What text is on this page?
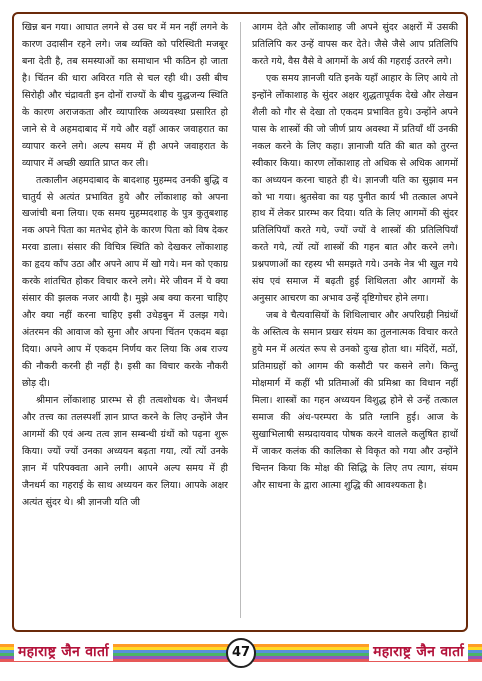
खिन्न बन गया। आघात लगने से उस घर में मन नहीं लगने के कारण उदासीन रहने लगे। जब व्यक्ति को परिस्थिती मजबूर बना देती है, तब समस्याओं का समाधान भी कठिन हो जाता है। चिंतन की धारा अविरत गति से चल रही थी। उसी बीच सिरोही और चंद्रावती इन दोनों राज्यों के बीच युद्धजन्य स्थिति के कारण अराजकता और व्यापारिक अव्यवस्था प्रसारित हो जाने से वे अहमदाबाद में गये और वहाँ आकर जवाहरात का व्यापार करने लगे। अल्प समय में ही अपने जवाहरात के व्यापार में अच्छी ख्याति प्राप्त कर ली।

तत्कालीन अहमदाबाद के बादशाह मुहम्मद उनकी बुद्धि व चातुर्य से अत्यंत प्रभावित हुये और लोंकाशाह को अपना खजांची बना लिया। एक समय मुहम्मदशाह के पुत्र कुतुबशाह नक अपने पिता का मतभेद होने के कारण पिता को विष देकर मरवा डाला। संसार की विचित्र स्थिति को देखकर लोंकाशाह का हृदय काँप उठा और अपने आप में खो गये। मन को एकाग्र करके शांतचित होकर विचार करने लगे। मेरे जीवन में ये क्या संसार की झलक नजर आयी है। मुझे अब क्या करना चाहिए और क्या नहीं करना चाहिए इसी उधेड़बुन में उलझ गये। अंतरमन की आवाज को सुना और अपना चिंतन एकदम बढ़ा दिया। अपने आप में एकदम निर्णय कर लिया कि अब राज्य की नौकरी करनी ही नहीं है। इसी का विचार करके नौकरी छोड़ दी।

श्रीमान लोंकाशाह प्रारम्भ से ही तत्वशोधक थे। जैनधर्म और तत्त्व का तलस्पर्शी ज्ञान प्राप्त करने के लिए उन्होंने जैन आगमों की एवं अन्य तत्व ज्ञान सम्बन्धी ग्रंथों को पढ़ना शुरू किया। ज्यों ज्यों उनका अध्ययन बढ़ता गया, त्यों त्यों उनके ज्ञान में परिपक्वता आने लगी। आपने अल्प समय में ही जैनधर्म का गहराई के साथ अध्ययन कर लिया। आपके अक्षर अत्यंत सुंदर थे। श्री ज्ञानजी यति जी

आगम देते और लोंकाशाह जी अपने सुंदर अक्षरों में उसकी प्रतिलिपि कर उन्हें वापस कर देते। जैसे जैसे आप प्रतिलिपि करते गये, वैस वैसे वे आगमों के अर्थ की गहराई उतरने लगे।

एक समय ज्ञानजी यति इनके यहाँ आहार के लिए आये तो इन्होंने लोंकाशाह के सुंदर अक्षर शुद्धतापूर्वक देखे और लेखन शैली को गौर से देखा तो एकदम प्रभावित हुये। उन्होंने अपने पास के शास्त्रों की जो जीर्ण प्राय अवस्था में प्रतियाँ थीं उनकी नकल करने के लिए कहा। ज्ञानाजी यति की बात को तुरन्त स्वीकार किया। कारण लोंकाशाह तो अधिक से अधिक आगमों का अध्ययन करना चाहते ही थे। ज्ञानजी यति का सुझाव मन को भा गया। श्रुतसेवा का यह पुनीत कार्य भी तत्काल अपने हाथ में लेकर प्रारम्भ कर दिया। यति के लिए आगमों की सुंदर प्रतिलिपियाँ करते गये, ज्यों ज्यों वे शास्त्रों की प्रतिलिपियाँ करते गये, त्यों त्यों शास्त्रों की गहन बात और करने लगे। प्रश्नपणाओं का रहस्य भी समझते गये। उनके नेत्र भी खुल गये संघ एवं समाज में बढ़ती हुई शिथिलता और आगमों के अनुसार आचरण का अभाव उन्हें दृष्टिगोचर होने लगा।

जब वे चैत्यवासियों के शिथिलाचार और अपरिग्रही निग्रंथों के अस्तित्व के समान प्रखर संयम का तुलनात्मक विचार करते हुये मन में अत्यंत रूप से उनको दुःख होता था। मंदिरों, मठों, प्रतिमाग्रहों को आगम की कसौटी पर कसने लगे। किन्तु मोक्षमार्ग में कहीं भी प्रतिमाओं की प्रमिश्रा का विधान नहीं मिला। शास्त्रों का गहन अध्ययन विशुद्ध होने से उन्हें तत्काल समाज की अंध-परम्परा के प्रति ग्लानि हुई। आज के सुखाभिलाषी सम्प्रदायवाद पोषक करने वालले कलुषित हाथों में जाकर कलंक की कालिका से विकृत को गया और उन्होंने चिन्तन किया कि मोक्ष की सिद्धि के लिए तप त्याग, संयम और साधना के द्वारा आत्मा शुद्धि की आवश्यकता है।

महाराष्ट्र जैन वार्ता	47	महाराष्ट्र जैन वार्ता
